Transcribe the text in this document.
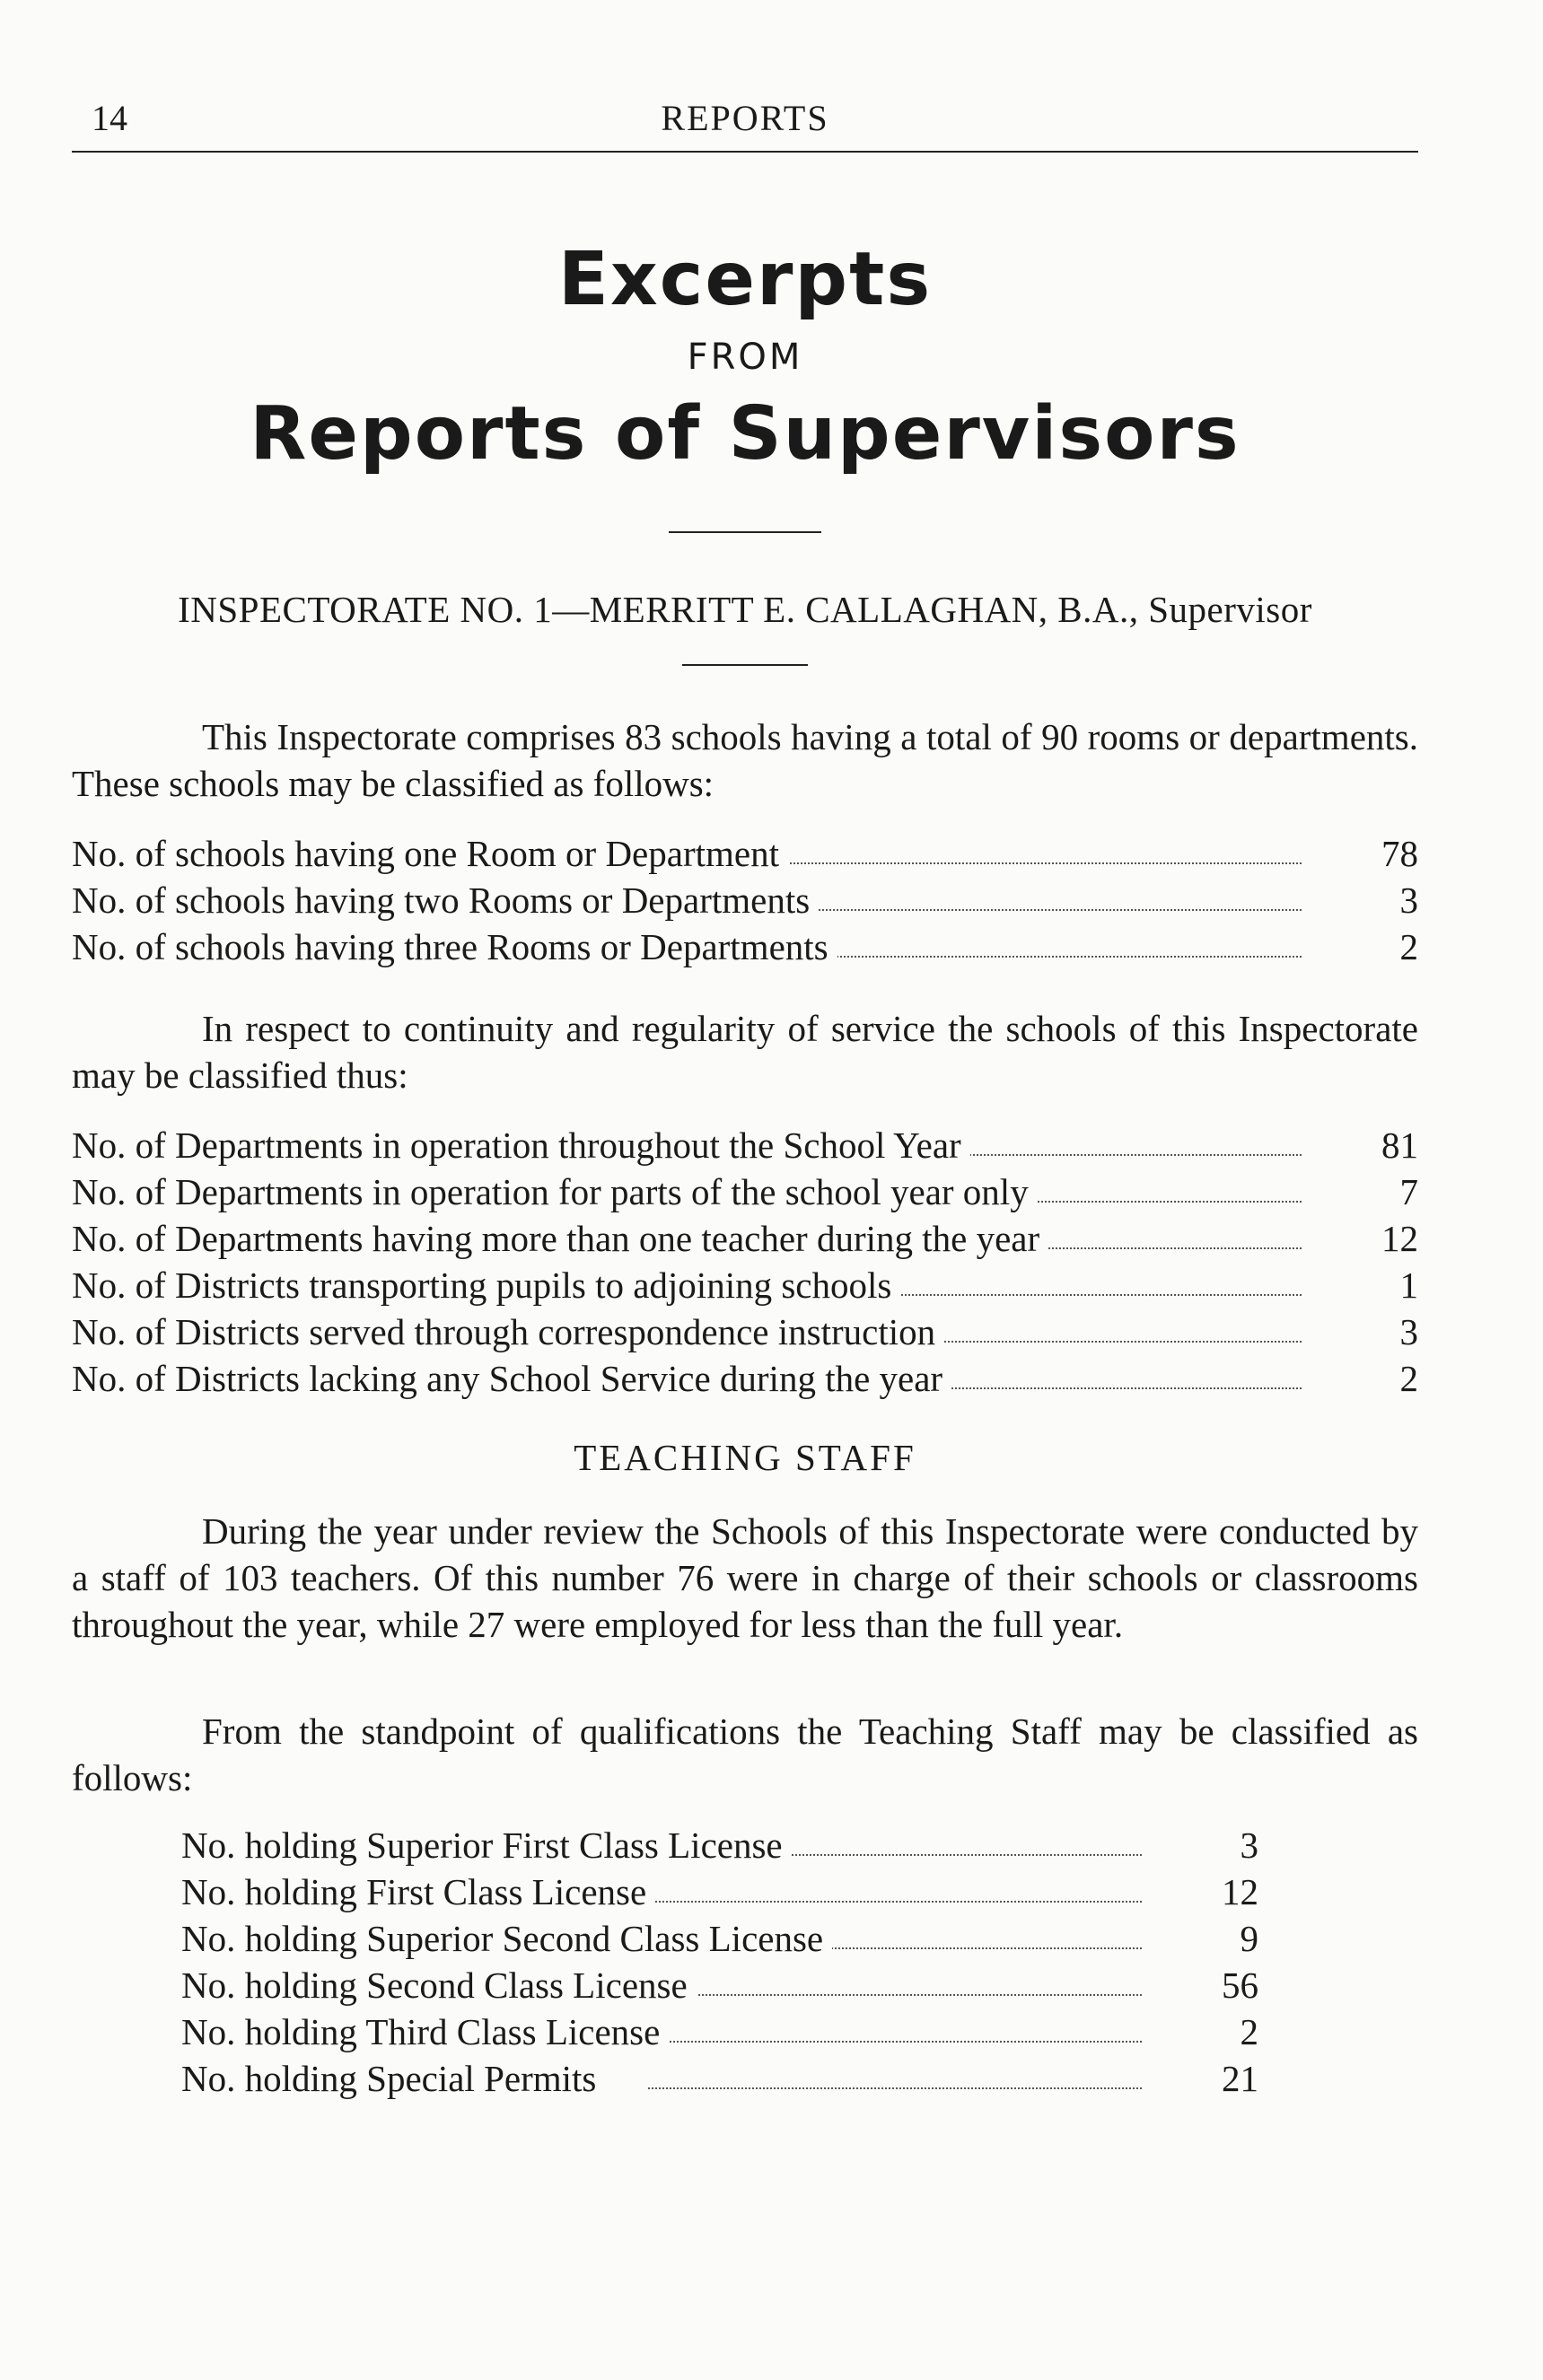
14	REPORTS
Excerpts
FROM
Reports of Supervisors
INSPECTORATE NO. 1—MERRITT E. CALLAGHAN, B.A., Supervisor

This Inspectorate comprises 83 schools having a total of 90 rooms or departments. These schools may be classified as follows:

No. of schools having one Room or Department	78
No. of schools having two Rooms or Departments	3
No. of schools having three Rooms or Departments	2

In respect to continuity and regularity of service the schools of this Inspectorate may be classified thus:

No. of Departments in operation throughout the School Year	81
No. of Departments in operation for parts of the school year only	7
No. of Departments having more than one teacher during the year	12
No. of Districts transporting pupils to adjoining schools	1
No. of Districts served through correspondence instruction	3
No. of Districts lacking any School Service during the year	2
TEACHING STAFF

During the year under review the Schools of this Inspectorate were conducted by a staff of 103 teachers. Of this number 76 were in charge of their schools or classrooms throughout the year, while 27 were employed for less than the full year.

From the standpoint of qualifications the Teaching Staff may be classified as follows:

No. holding Superior First Class License	3
No. holding First Class License	12
No. holding Superior Second Class License	9
No. holding Second Class License	56
No. holding Third Class License	2
No. holding Special Permits	21
